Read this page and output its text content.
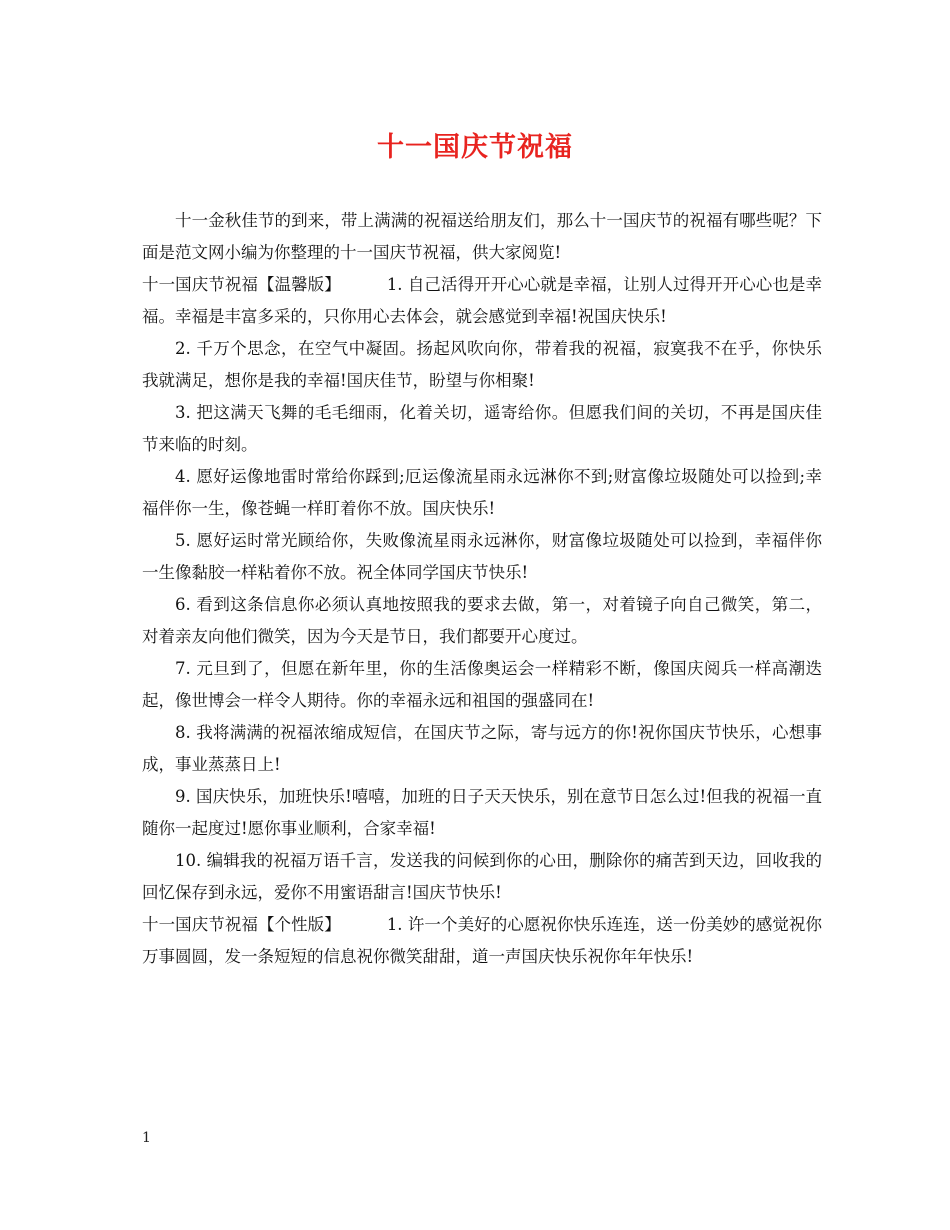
十一国庆节祝福

十一金秋佳节的到来，带上满满的祝福送给朋友们，那么十一国庆节的祝福有哪些呢？下面是范文网小编为你整理的十一国庆节祝福，供大家阅览!

十一国庆节祝福【温馨版】	1. 自己活得开开心心就是幸福，让别人过得开开心心也是幸福。幸福是丰富多采的，只你用心去体会，就会感觉到幸福!祝国庆快乐!

2. 千万个思念，在空气中凝固。扬起风吹向你，带着我的祝福，寂寞我不在乎，你快乐我就满足，想你是我的幸福!国庆佳节，盼望与你相聚!

3. 把这满天飞舞的毛毛细雨，化着关切，遥寄给你。但愿我们间的关切，不再是国庆佳节来临的时刻。

4. 愿好运像地雷时常给你踩到;厄运像流星雨永远淋你不到;财富像垃圾随处可以捡到;幸福伴你一生，像苍蝇一样盯着你不放。国庆快乐!

5. 愿好运时常光顾给你，失败像流星雨永远淋你，财富像垃圾随处可以捡到，幸福伴你一生像黏胶一样粘着你不放。祝全体同学国庆节快乐!

6. 看到这条信息你必须认真地按照我的要求去做，第一，对着镜子向自己微笑，第二，对着亲友向他们微笑，因为今天是节日，我们都要开心度过。

7. 元旦到了，但愿在新年里，你的生活像奥运会一样精彩不断，像国庆阅兵一样高潮迭起，像世博会一样令人期待。你的幸福永远和祖国的强盛同在!

8. 我将满满的祝福浓缩成短信，在国庆节之际，寄与远方的你!祝你国庆节快乐，心想事成，事业蒸蒸日上!

9. 国庆快乐，加班快乐!嘻嘻，加班的日子天天快乐，别在意节日怎么过!但我的祝福一直随你一起度过!愿你事业顺利，合家幸福!

10. 编辑我的祝福万语千言，发送我的问候到你的心田，删除你的痛苦到天边，回收我的回忆保存到永远，爱你不用蜜语甜言!国庆节快乐!

十一国庆节祝福【个性版】	1. 许一个美好的心愿祝你快乐连连，送一份美妙的感觉祝你万事圆圆，发一条短短的信息祝你微笑甜甜，道一声国庆快乐祝你年年快乐!

1
